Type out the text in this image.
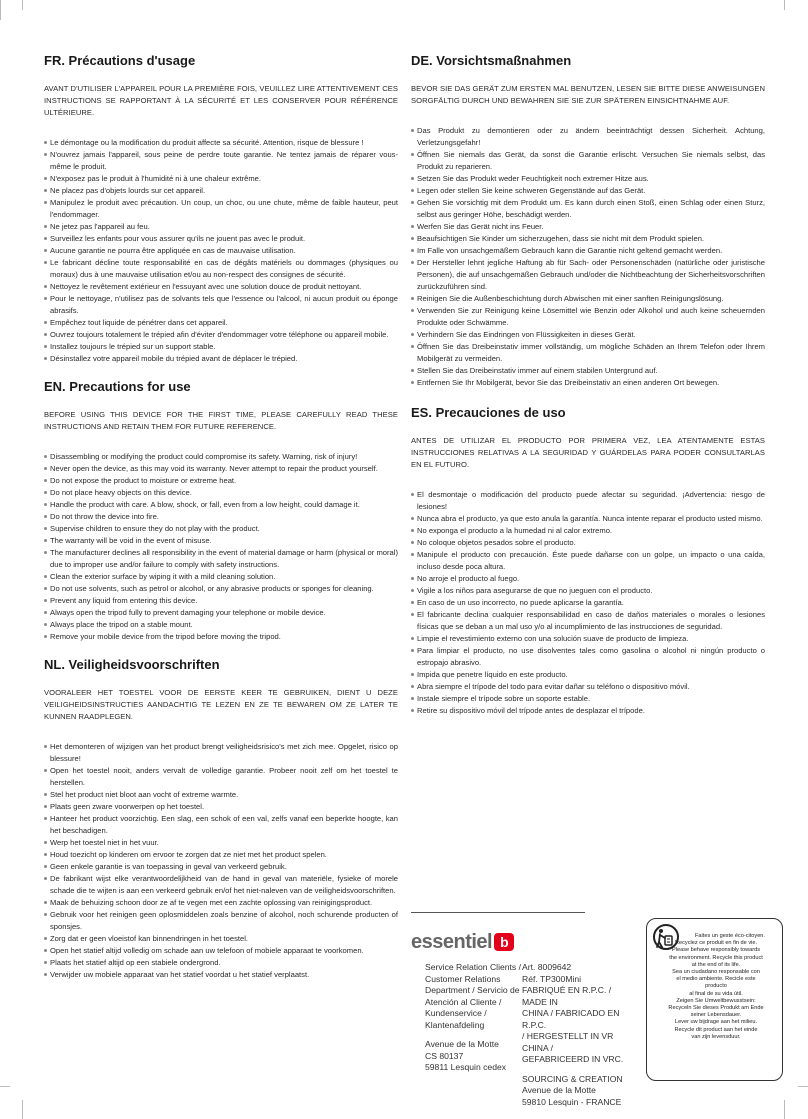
FR. Précautions d'usage

AVANT D'UTILISER L'APPAREIL POUR LA PREMIÈRE FOIS, VEUILLEZ LIRE ATTENTIVEMENT CES INSTRUCTIONS SE RAPPORTANT À LA SÉCURITÉ ET LES CONSERVER POUR RÉFÉRENCE ULTÉRIEURE.

Le démontage ou la modification du produit affecte sa sécurité. Attention, risque de blessure !
N'ouvrez jamais l'appareil, sous peine de perdre toute garantie. Ne tentez jamais de réparer vous-même le produit.
N'exposez pas le produit à l'humidité ni à une chaleur extrême.
Ne placez pas d'objets lourds sur cet appareil.
Manipulez le produit avec précaution. Un coup, un choc, ou une chute, même de faible hauteur, peut l'endommager.
Ne jetez pas l'appareil au feu.
Surveillez les enfants pour vous assurer qu'ils ne jouent pas avec le produit.
Aucune garantie ne pourra être appliquée en cas de mauvaise utilisation.
Le fabricant décline toute responsabilité en cas de dégâts matériels ou dommages (physiques ou moraux) dus à une mauvaise utilisation et/ou au non-respect des consignes de sécurité.
Nettoyez le revêtement extérieur en l'essuyant avec une solution douce de produit nettoyant.
Pour le nettoyage, n'utilisez pas de solvants tels que l'essence ou l'alcool, ni aucun produit ou éponge abrasifs.
Empêchez tout liquide de pénétrer dans cet appareil.
Ouvrez toujours totalement le trépied afin d'éviter d'endommager votre téléphone ou appareil mobile.
Installez toujours le trépied sur un support stable.
Désinstallez votre appareil mobile du trépied avant de déplacer le trépied.
EN. Precautions for use

BEFORE USING THIS DEVICE FOR THE FIRST TIME, PLEASE CAREFULLY READ THESE INSTRUCTIONS AND RETAIN THEM FOR FUTURE REFERENCE.

Disassembling or modifying the product could compromise its safety. Warning, risk of injury!
Never open the device, as this may void its warranty. Never attempt to repair the product yourself.
Do not expose the product to moisture or extreme heat.
Do not place heavy objects on this device.
Handle the product with care. A blow, shock, or fall, even from a low height, could damage it.
Do not throw the device into fire.
Supervise children to ensure they do not play with the product.
The warranty will be void in the event of misuse.
The manufacturer declines all responsibility in the event of material damage or harm (physical or moral) due to improper use and/or failure to comply with safety instructions.
Clean the exterior surface by wiping it with a mild cleaning solution.
Do not use solvents, such as petrol or alcohol, or any abrasive products or sponges for cleaning.
Prevent any liquid from entering this device.
Always open the tripod fully to prevent damaging your telephone or mobile device.
Always place the tripod on a stable mount.
Remove your mobile device from the tripod before moving the tripod.
NL. Veiligheidsvoorschriften

VOORALEER HET TOESTEL VOOR DE EERSTE KEER TE GEBRUIKEN, DIENT U DEZE VEILIGHEIDSINSTRUCTIES AANDACHTIG TE LEZEN EN ZE TE BEWAREN OM ZE LATER TE KUNNEN RAADPLEGEN.

Het demonteren of wijzigen van het product brengt veiligheidsrisico's met zich mee. Opgelet, risico op blessure!
Open het toestel nooit, anders vervalt de volledige garantie. Probeer nooit zelf om het toestel te herstellen.
Stel het product niet bloot aan vocht of extreme warmte.
Plaats geen zware voorwerpen op het toestel.
Hanteer het product voorzichtig. Een slag, een schok of een val, zelfs vanaf een beperkte hoogte, kan het beschadigen.
Werp het toestel niet in het vuur.
Houd toezicht op kinderen om ervoor te zorgen dat ze niet met het product spelen.
Geen enkele garantie is van toepassing in geval van verkeerd gebruik.
De fabrikant wijst elke verantwoordelijkheid van de hand in geval van materiële, fysieke of morele schade die te wijten is aan een verkeerd gebruik en/of het niet-naleven van de veiligheidsvoorschriften.
Maak de behuizing schoon door ze af te vegen met een zachte oplossing van reinigingsproduct.
Gebruik voor het reinigen geen oplosmiddelen zoals benzine of alcohol, noch schurende producten of sponsjes.
Zorg dat er geen vloeistof kan binnendringen in het toestel.
Open het statief altijd volledig om schade aan uw telefoon of mobiele apparaat te voorkomen.
Plaats het statief altijd op een stabiele ondergrond.
Verwijder uw mobiele apparaat van het statief voordat u het statief verplaatst.
DE. Vorsichtsmaßnahmen

BEVOR SIE DAS GERÄT ZUM ERSTEN MAL BENUTZEN, LESEN SIE BITTE DIESE ANWEISUNGEN SORGFÄLTIG DURCH UND BEWAHREN SIE SIE ZUR SPÄTEREN EINSICHTNAHME AUF.

Das Produkt zu demontieren oder zu ändern beeinträchtigt dessen Sicherheit. Achtung, Verletzungsgefahr!
Öffnen Sie niemals das Gerät, da sonst die Garantie erlischt. Versuchen Sie niemals selbst, das Produkt zu reparieren.
Setzen Sie das Produkt weder Feuchtigkeit noch extremer Hitze aus.
Legen oder stellen Sie keine schweren Gegenstände auf das Gerät.
Gehen Sie vorsichtig mit dem Produkt um. Es kann durch einen Stoß, einen Schlag oder einen Sturz, selbst aus geringer Höhe, beschädigt werden.
Werfen Sie das Gerät nicht ins Feuer.
Beaufsichtigen Sie Kinder um sicherzugehen, dass sie nicht mit dem Produkt spielen.
Im Falle von unsachgemäßem Gebrauch kann die Garantie nicht geltend gemacht werden.
Der Hersteller lehnt jegliche Haftung ab für Sach- oder Personenschäden (natürliche oder juristische Personen), die auf unsachgemäßen Gebrauch und/oder die Nichtbeachtung der Sicherheitsvorschriften zurückzuführen sind.
Reinigen Sie die Außenbeschichtung durch Abwischen mit einer sanften Reinigungslösung.
Verwenden Sie zur Reinigung keine Lösemittel wie Benzin oder Alkohol und auch keine scheuernden Produkte oder Schwämme.
Verhindern Sie das Eindringen von Flüssigkeiten in dieses Gerät.
Öffnen Sie das Dreibeinstativ immer vollständig, um mögliche Schäden an Ihrem Telefon oder Ihrem Mobilgerät zu vermeiden.
Stellen Sie das Dreibeinstativ immer auf einem stabilen Untergrund auf.
Entfernen Sie Ihr Mobilgerät, bevor Sie das Dreibeinstativ an einen anderen Ort bewegen.
ES. Precauciones de uso

ANTES DE UTILIZAR EL PRODUCTO POR PRIMERA VEZ, LEA ATENTAMENTE ESTAS INSTRUCCIONES RELATIVAS A LA SEGURIDAD Y GUÁRDELAS PARA PODER CONSULTARLAS EN EL FUTURO.

El desmontaje o modificación del producto puede afectar su seguridad. ¡Advertencia: riesgo de lesiones!
Nunca abra el producto, ya que esto anula la garantía. Nunca intente reparar el producto usted mismo.
No exponga el producto a la humedad ni al calor extremo.
No coloque objetos pesados sobre el producto.
Manipule el producto con precaución. Éste puede dañarse con un golpe, un impacto o una caída, incluso desde poca altura.
No arroje el producto al fuego.
Vigile a los niños para asegurarse de que no jueguen con el producto.
En caso de un uso incorrecto, no puede aplicarse la garantía.
El fabricante declina cualquier responsabilidad en caso de daños materiales o morales o lesiones físicas que se deban a un mal uso y/o al incumplimiento de las instrucciones de seguridad.
Limpie el revestimiento externo con una solución suave de producto de limpieza.
Para limpiar el producto, no use disolventes tales como gasolina o alcohol ni ningún producto o estropajo abrasivo.
Impida que penetre líquido en este producto.
Abra siempre el trípode del todo para evitar dañar su teléfono o dispositivo móvil.
Instale siempre el trípode sobre un soporte estable.
Retire su dispositivo móvil del trípode antes de desplazar el trípode.
essentiel b

Service Relation Clients /

Customer Relations

Department / Servicio de

Atención al Cliente /

Kundenservice /

Klantenafdeling

Avenue de la Motte

CS 80137

59811 Lesquin cedex

Art. 8009642

Réf. TP300Mini

FABRIQUÉ EN R.P.C. / MADE IN

CHINA / FABRICADO EN R.P.C.

/ HERGESTELLT IN VR CHINA /

GEFABRICEERD IN VRC.

SOURCING & CREATION

Avenue de la Motte

59810 Lesquin - FRANCE

Faites un geste éco-citoyen.

Recyclez ce produit en fin de vie.

Please behave responsibly towards

the environment. Recycle this product

at the end of its life.

Sea un ciudadano responsable con

el medio ambiente. Recicle este

producto

al final de su vida útil.

Zeigen Sie Umweltbewusstsein:

Recyceln Sie dieses Produkt am Ende

seiner Lebensdauer.

Lever uw bijdrage aan het milieu.

Recycle dit product aan het einde

van zijn levensduur.
